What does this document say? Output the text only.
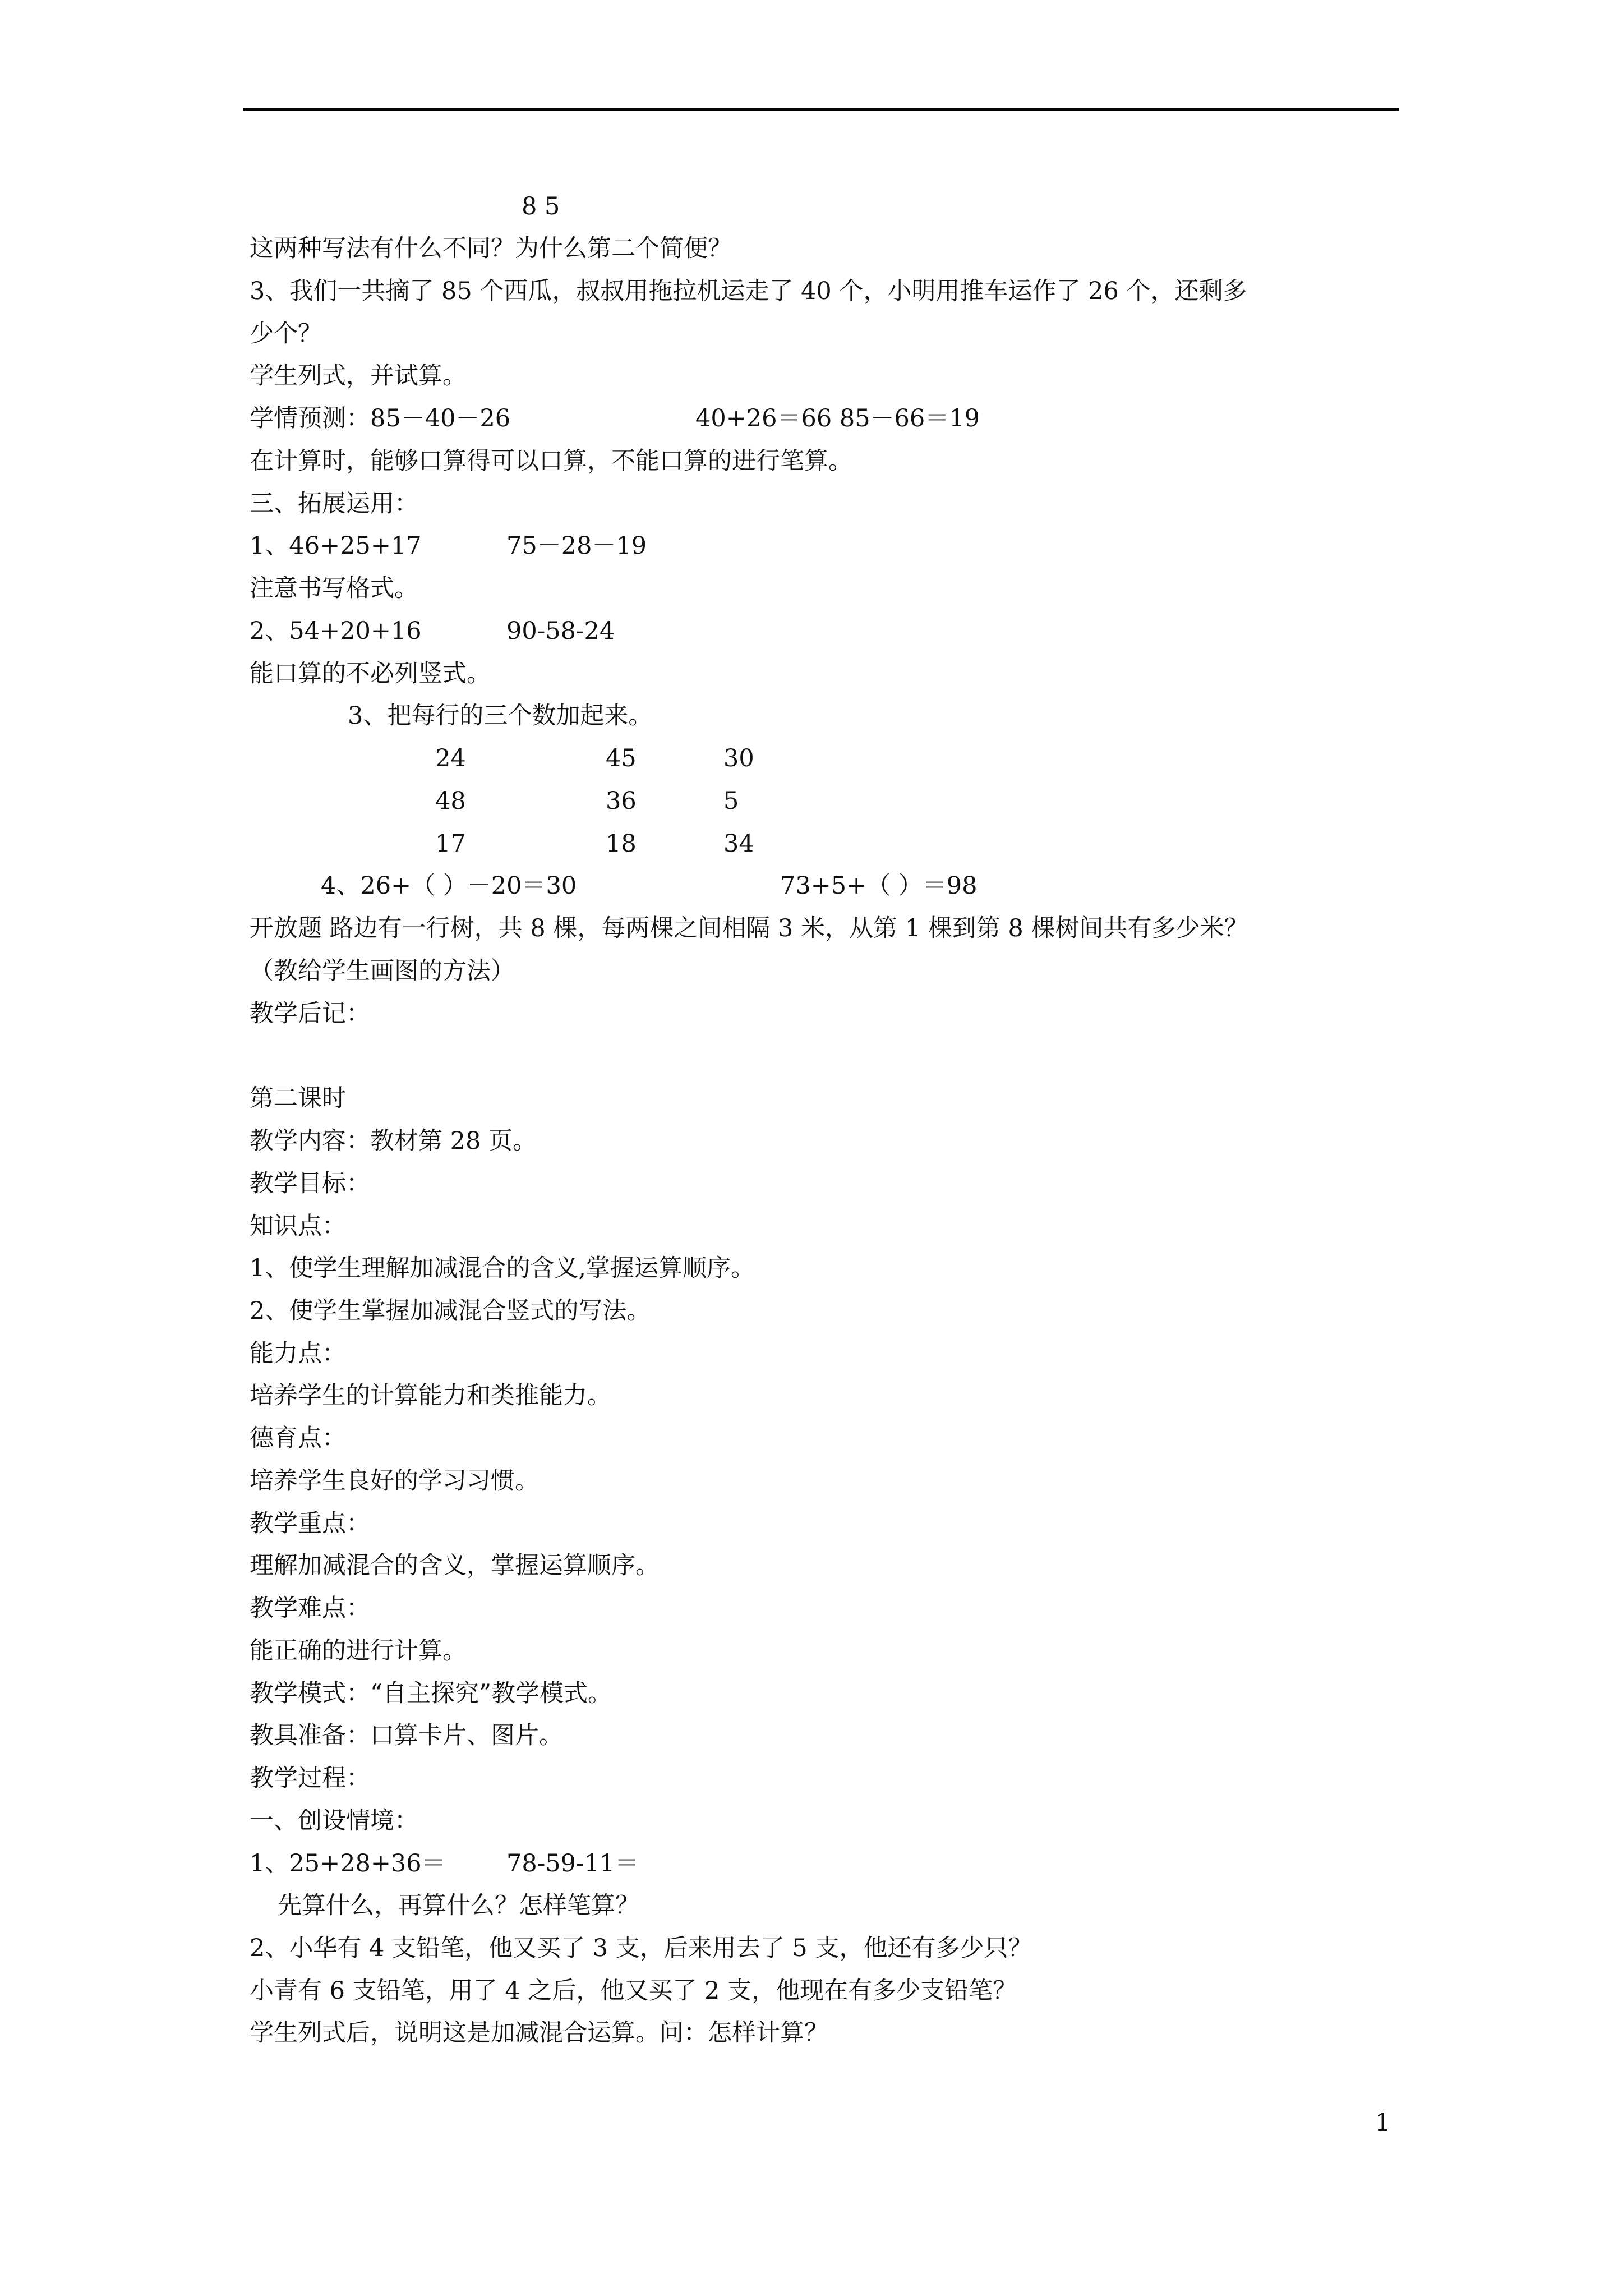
8 5
这两种写法有什么不同？为什么第二个简便？
3、我们一共摘了 85 个西瓜，叔叔用拖拉机运走了 40 个，小明用推车运作了 26 个，还剩多
少个？
学生列式，并试算。
学情预测：85－40－26	40+26＝66 85－66＝19
在计算时，能够口算得可以口算，不能口算的进行笔算。
三、拓展运用：
1、46+25+17	75－28－19
注意书写格式。
2、54+20+16	90-58-24
能口算的不必列竖式。
3、把每行的三个数加起来。
24	45	30
48	36	5
17	18	34
4、26+（ ）－20＝30	73+5+（ ）＝98
开放题 路边有一行树，共 8 棵，每两棵之间相隔 3 米，从第 1 棵到第 8 棵树间共有多少米？
（教给学生画图的方法）
教学后记：
第二课时
教学内容：教材第 28 页。
教学目标：
知识点：
1、使学生理解加减混合的含义,掌握运算顺序。
2、使学生掌握加减混合竖式的写法。
能力点：
培养学生的计算能力和类推能力。
德育点：
培养学生良好的学习习惯。
教学重点：
理解加减混合的含义，掌握运算顺序。
教学难点：
能正确的进行计算。
教学模式：“自主探究”教学模式。
教具准备：口算卡片、图片。
教学过程：
一、创设情境：
1、25+28+36＝	78-59-11＝
先算什么，再算什么？怎样笔算？
2、小华有 4 支铅笔，他又买了 3 支，后来用去了 5 支，他还有多少只？
小青有 6 支铅笔，用了 4 之后，他又买了 2 支，他现在有多少支铅笔？
学生列式后，说明这是加减混合运算。问：怎样计算？
1
